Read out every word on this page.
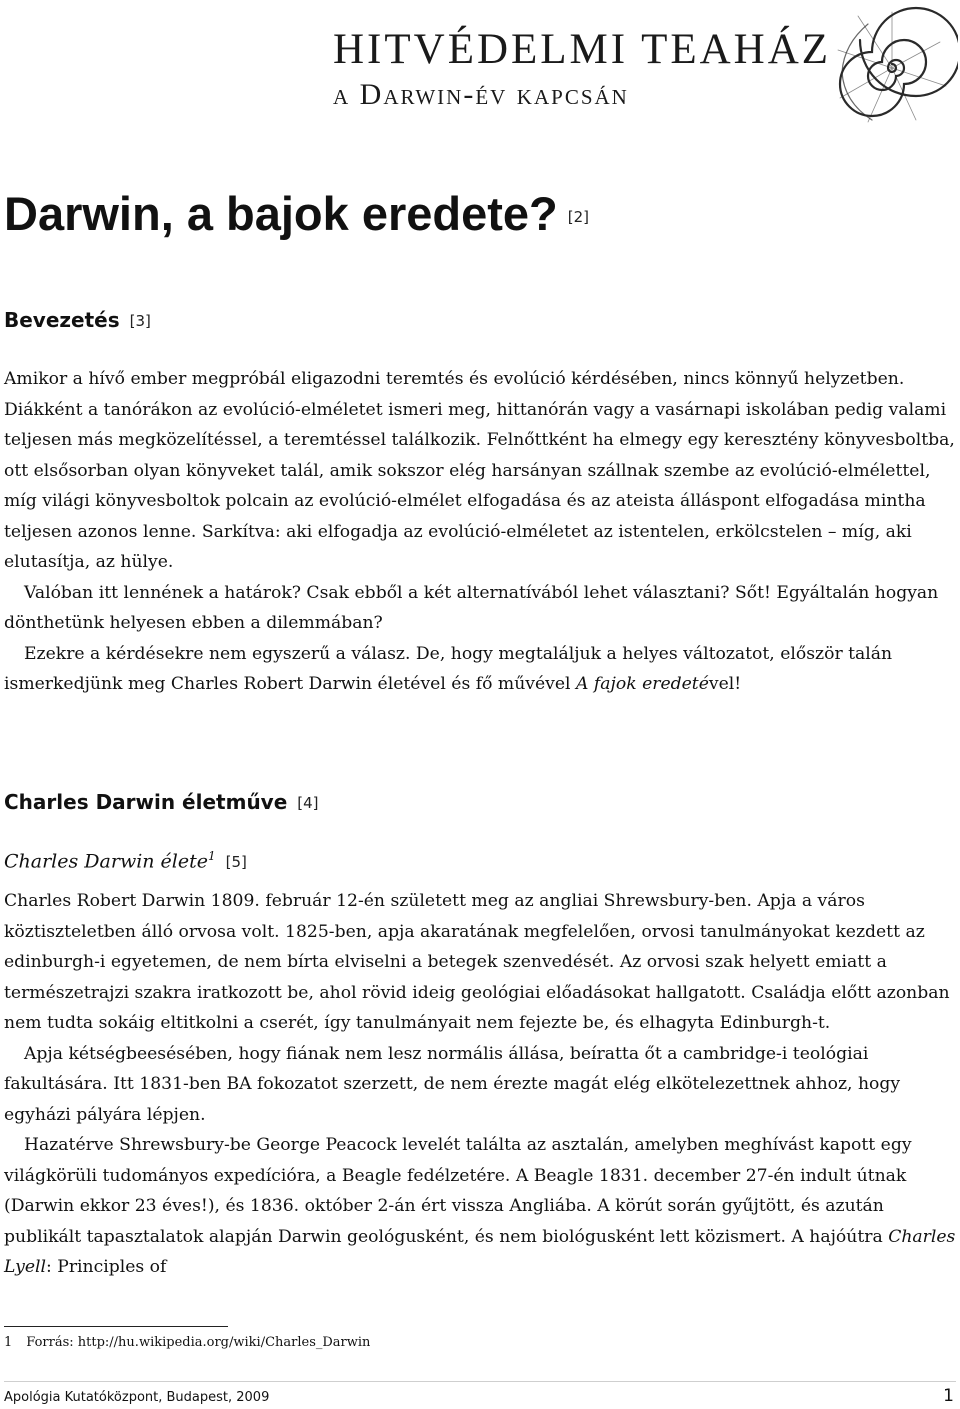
HITVÉDELMI TEAHÁZ
a Darwin-év kapcsán
Darwin, a bajok eredete? [2]
Bevezetés [3]

Amikor a hívő ember megpróbál eligazodni teremtés és evolúció kérdésében, nincs könnyű helyzetben. Diákként a tanórákon az evolúció-elméletet ismeri meg, hittanórán vagy a vasárnapi iskolában pedig valami teljesen más megközelítéssel, a teremtéssel találkozik. Felnőttként ha elmegy egy keresztény könyvesboltba, ott elsősorban olyan könyveket talál, amik sokszor elég harsányan szállnak szembe az evolúció-elmélettel, míg világi könyvesboltok polcain az evolúció-elmélet elfogadása és az ateista álláspont elfogadása mintha teljesen azonos lenne. Sarkítva: aki elfogadja az evolúció-elméletet az istentelen, erkölcstelen – míg, aki elutasítja, az hülye.

Valóban itt lennének a határok? Csak ebből a két alternatívából lehet választani? Sőt! Egyáltalán hogyan dönthetünk helyesen ebben a dilemmában?

Ezekre a kérdésekre nem egyszerű a válasz. De, hogy megtaláljuk a helyes változatot, először talán ismerkedjünk meg Charles Robert Darwin életével és fő művével A fajok eredetével!

Charles Darwin életműve [4]
Charles Darwin élete$^1$ [5]

Charles Robert Darwin 1809. február 12-én született meg az angliai Shrewsbury-ben. Apja a város köztiszteletben álló orvosa volt. 1825-ben, apja akaratának megfelelően, orvosi tanulmányokat kezdett az edinburgh-i egyetemen, de nem bírta elviselni a betegek szenvedését. Az orvosi szak helyett emiatt a természetrajzi szakra iratkozott be, ahol rövid ideig geológiai előadásokat hallgatott. Családja előtt azonban nem tudta sokáig eltitkolni a cserét, így tanulmányait nem fejezte be, és elhagyta Edinburgh-t.

Apja kétségbeesésében, hogy fiának nem lesz normális állása, beíratta őt a cambridge-i teológiai fakultására. Itt 1831-ben BA fokozatot szerzett, de nem érezte magát elég elkötelezettnek ahhoz, hogy egyházi pályára lépjen.

Hazatérve Shrewsbury-be George Peacock levelét találta az asztalán, amelyben meghívást kapott egy világkörüli tudományos expedícióra, a Beagle fedélzetére. A Beagle 1831. december 27-én indult útnak (Darwin ekkor 23 éves!), és 1836. október 2-án ért vissza Angliába. A körút során gyűjtött, és azután publikált tapasztalatok alapján Darwin geológusként, és nem biológusként lett közismert. A hajóútra Charles Lyell: Principles of

1 Forrás: http://hu.wikipedia.org/wiki/Charles_Darwin
Apológia Kutatóközpont, Budapest, 2009	1
